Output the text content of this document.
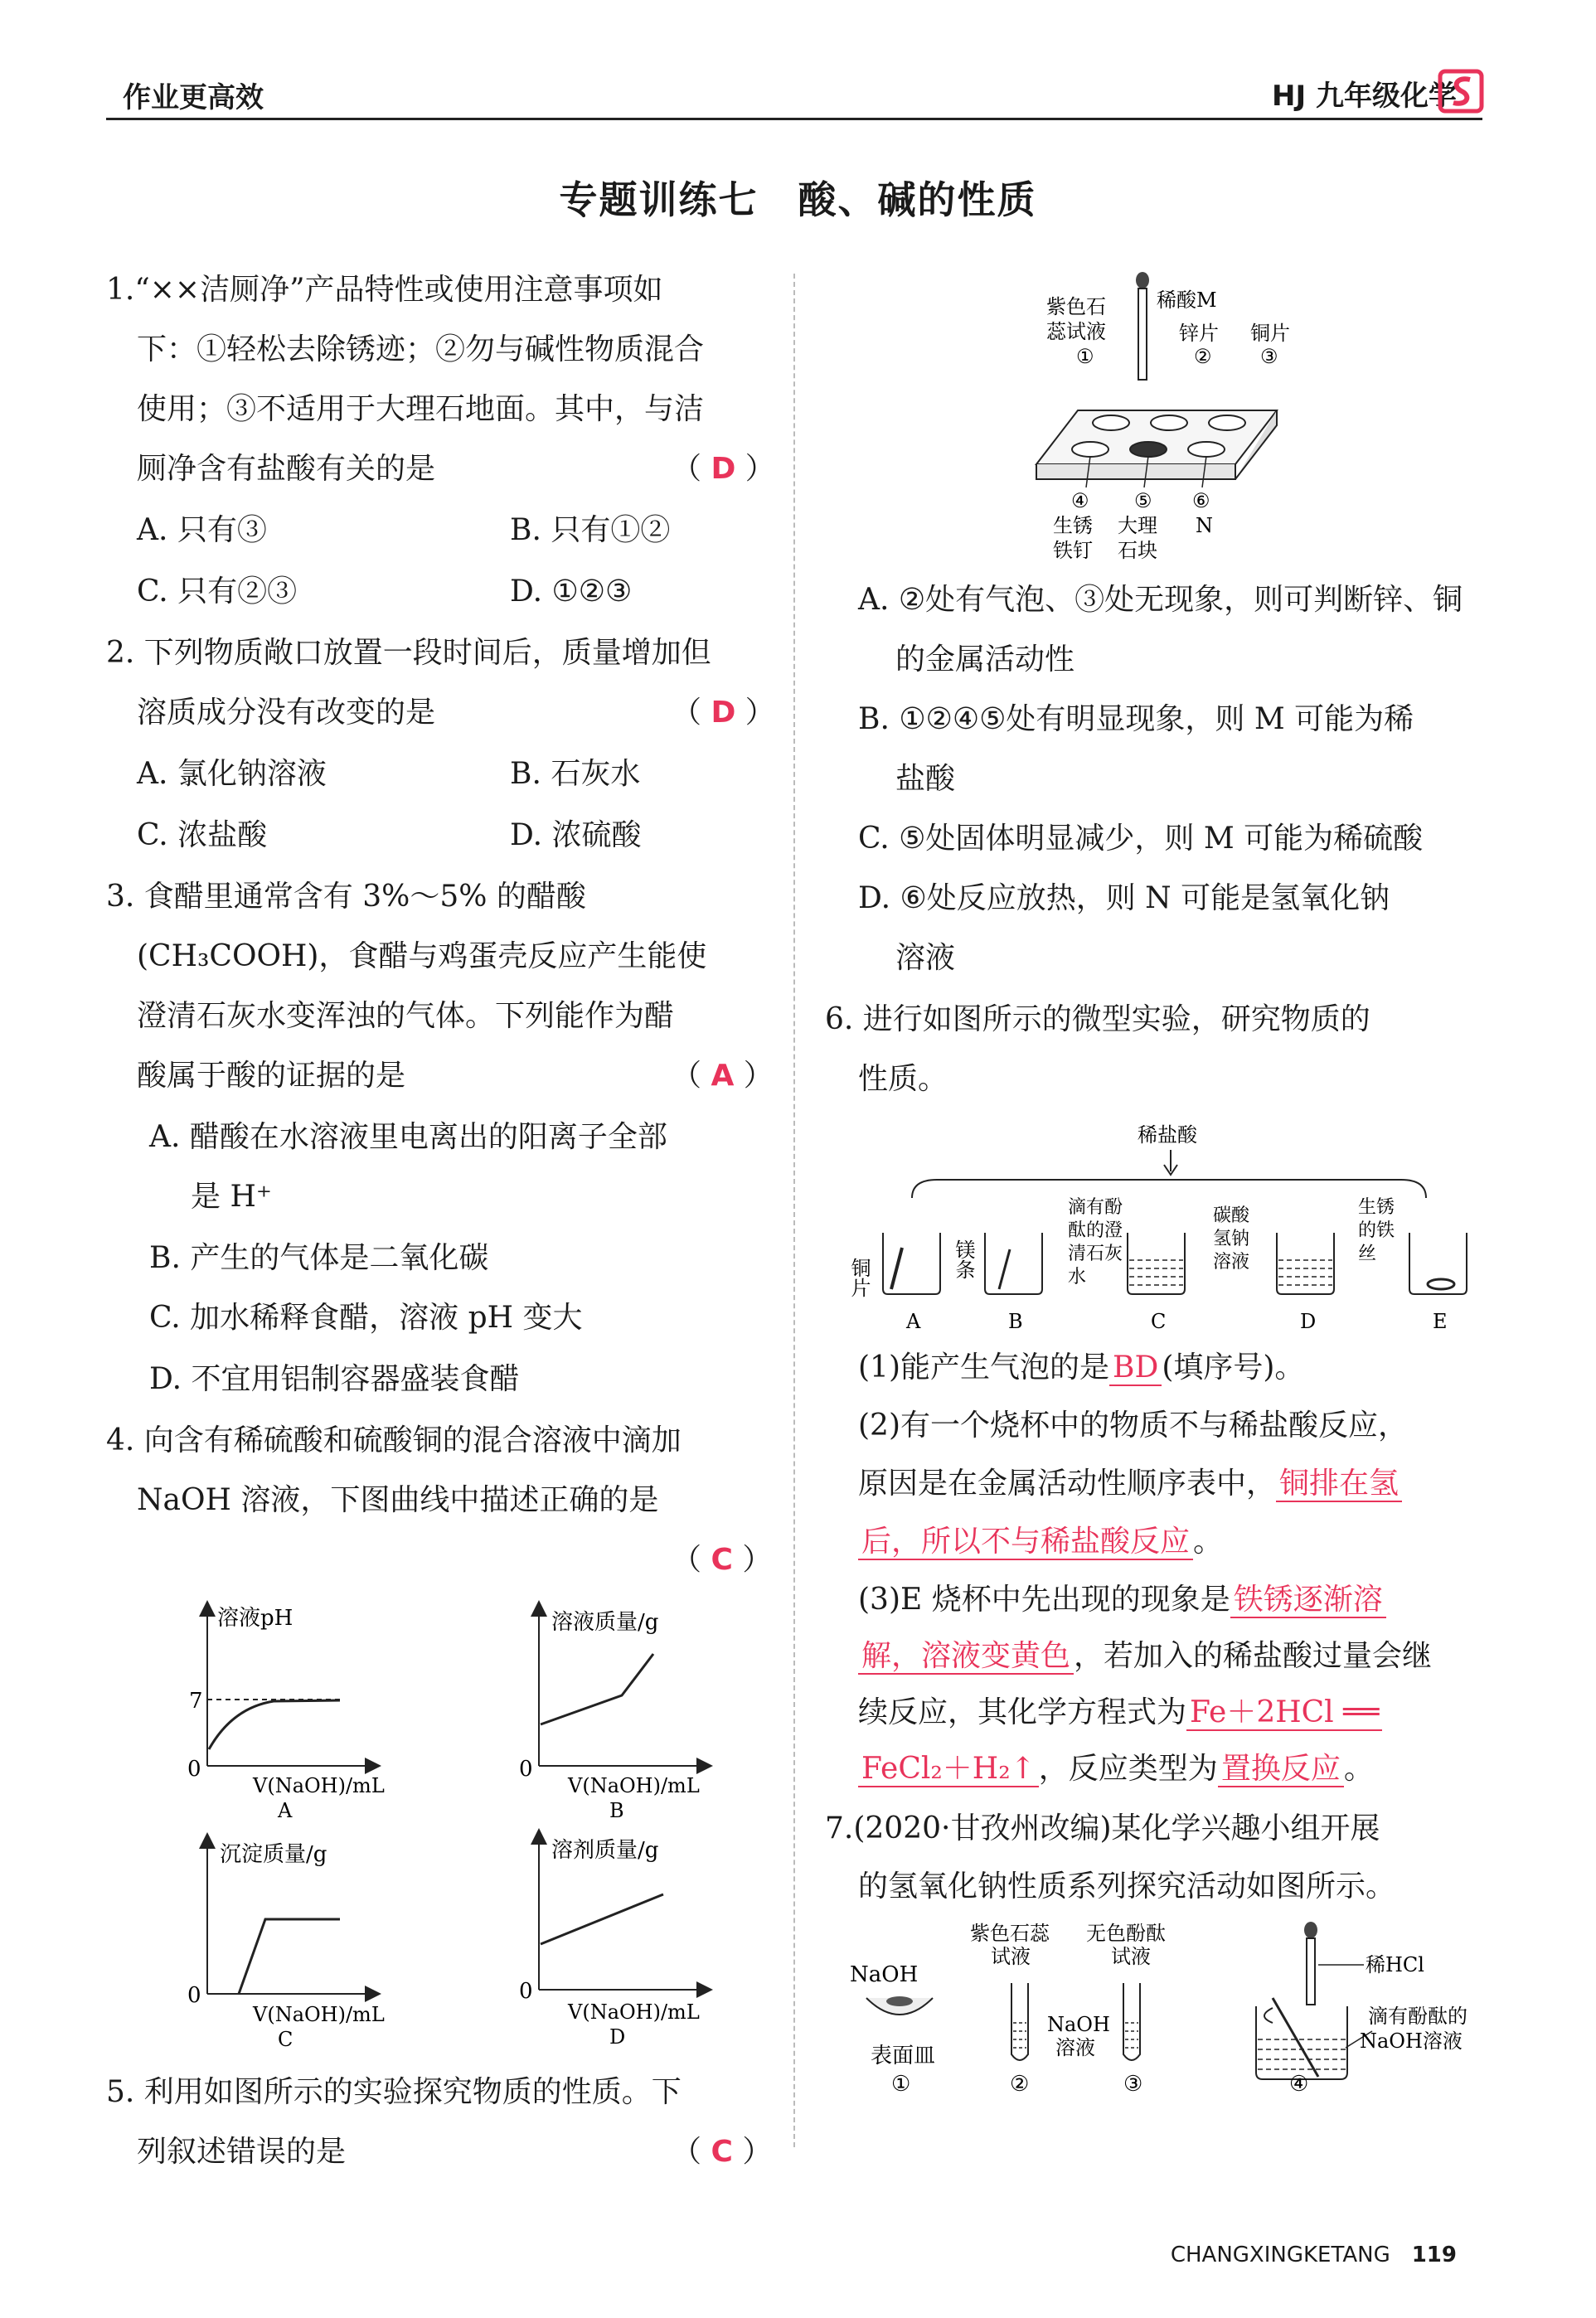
作业更高效	HJ 九年级化学
专题训练七　酸、碱的性质
1.“××洁厕净”产品特性或使用注意事项如
下：①轻松去除锈迹；②勿与碱性物质混合
使用；③不适用于大理石地面。其中，与洁
厕净含有盐酸有关的是	（ D ）
A. 只有③	B. 只有①②
C. 只有②③	D. ①②③
2. 下列物质敞口放置一段时间后，质量增加但
溶质成分没有改变的是	（ D ）
A. 氯化钠溶液	B. 石灰水
C. 浓盐酸	D. 浓硫酸
3. 食醋里通常含有 3%～5% 的醋酸
(CH₃COOH)，食醋与鸡蛋壳反应产生能使
澄清石灰水变浑浊的气体。下列能作为醋
酸属于酸的证据的是	（ A ）
A. 醋酸在水溶液里电离出的阳离子全部
是 H⁺
B. 产生的气体是二氧化碳
C. 加水稀释食醋，溶液 pH 变大
D. 不宜用铝制容器盛装食醋
4. 向含有稀硫酸和硫酸铜的混合溶液中滴加
NaOH 溶液，下图曲线中描述正确的是
（ C ）
溶液pH
7
0
V(NaOH)/mL
A
溶液质量/g
0
V(NaOH)/mL
B
沉淀质量/g
0
V(NaOH)/mL
C
溶剂质量/g
0
V(NaOH)/mL
D
5. 利用如图所示的实验探究物质的性质。下
列叙述错误的是	（ C ）
紫色石
蕊试液
①
稀酸M
锌片
②
铜片
③
④ ⑤ ⑥
生锈
铁钉
大理
石块
N
A. ②处有气泡、③处无现象，则可判断锌、铜
的金属活动性
B. ①②④⑤处有明显现象，则 M 可能为稀
盐酸
C. ⑤处固体明显减少，则 M 可能为稀硫酸
D. ⑥处反应放热，则 N 可能是氢氧化钠
溶液
6. 进行如图所示的微型实验，研究物质的
性质。
稀盐酸
铜片
A
镁条
B
滴有酚
酞的澄
清石灰
水
C
碳酸
氢钠
溶液
D
生锈
的铁
丝
E
(1)能产生气泡的是 BD (填序号)。
(2)有一个烧杯中的物质不与稀盐酸反应，
原因是在金属活动性顺序表中， 铜排在氢
后，所以不与稀盐酸反应 。
(3)E 烧杯中先出现的现象是 铁锈逐渐溶
解，溶液变黄色 ，若加入的稀盐酸过量会继
续反应，其化学方程式为 Fe＋2HCl ══
FeCl₂＋H₂↑ ，反应类型为 置换反应 。
7.(2020·甘孜州改编)某化学兴趣小组开展
的氢氧化钠性质系列探究活动如图所示。
NaOH
表面皿
①
紫色石蕊
试液
②
无色酚酞
试液
NaOH
溶液
③
稀HCl
滴有酚酞的
NaOH溶液
④
CHANGXINGKETANG 119
